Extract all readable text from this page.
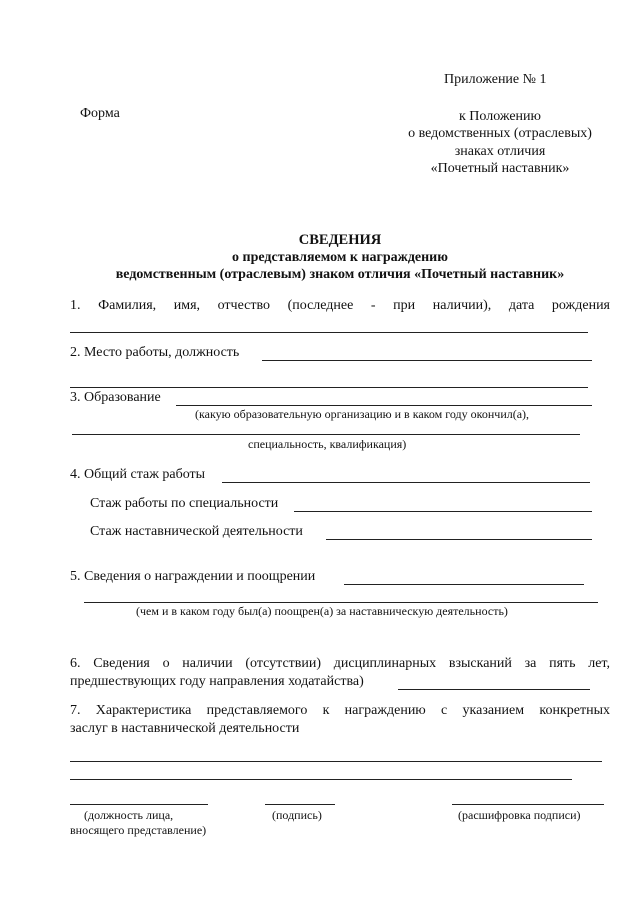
Приложение № 1
Форма	к Положению
о ведомственных (отраслевых)
знаках отличия
«Почетный наставник»
СВЕДЕНИЯ
о представляемом к награждению
ведомственным (отраслевым) знаком отличия «Почетный наставник»
1. Фамилия, имя, отчество (последнее - при наличии), дата рождения
2. Место работы, должность
3. Образование
(какую образовательную организацию и в каком году окончил(а),
специальность, квалификация)
4. Общий стаж работы
Стаж работы по специальности
Стаж наставнической деятельности
5. Сведения о награждении и поощрении
(чем и в каком году был(а) поощрен(а) за наставническую деятельность)
6. Сведения о наличии (отсутствии) дисциплинарных взысканий за пять лет,
предшествующих году направления ходатайства)
7. Характеристика представляемого к награждению с указанием конкретных
заслуг в наставнической деятельности
(должность лица,
вносящего представление)
(подпись)	(расшифровка подписи)
